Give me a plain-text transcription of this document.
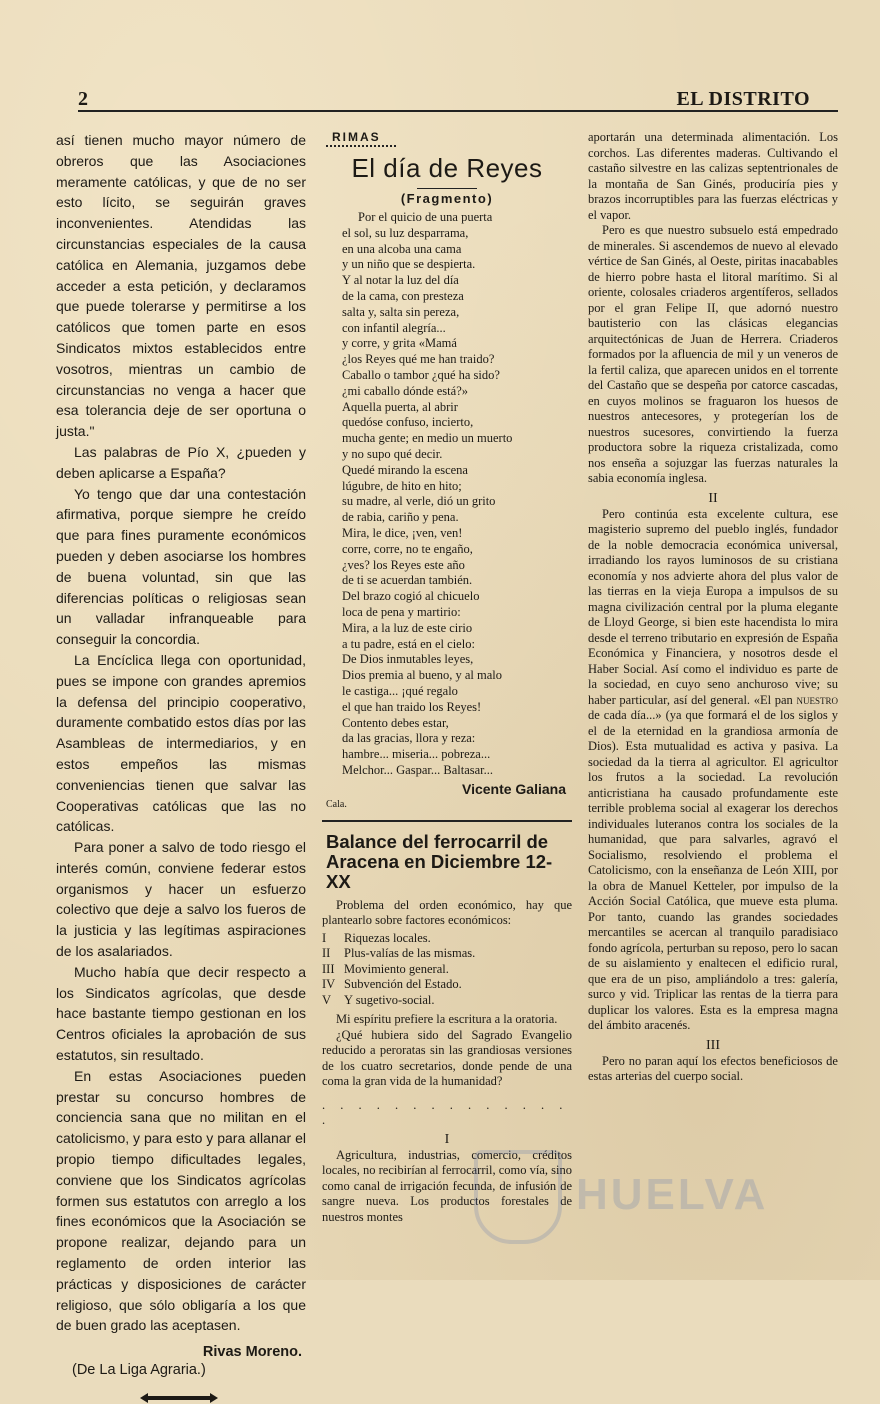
2	EL DISTRITO

así tienen mucho mayor número de obreros que las Asociaciones meramente católicas, y que de no ser esto lícito, se seguirán graves inconvenientes. Atendidas las circunstancias especiales de la causa católica en Alemania, juzgamos debe acceder a esta petición, y declaramos que puede tolerarse y permitirse a los católicos que tomen parte en esos Sindicatos mixtos establecidos entre vosotros, mientras un cambio de circunstancias no venga a hacer que esa tolerancia deje de ser oportuna o justa."

Las palabras de Pío X, ¿pueden y deben aplicarse a España?

Yo tengo que dar una contestación afirmativa, porque siempre he creído que para fines puramente económicos pueden y deben asociarse los hombres de buena voluntad, sin que las diferencias políticas o religiosas sean un valladar infranqueable para conseguir la concordia.

La Encíclica llega con oportunidad, pues se impone con grandes apremios la defensa del principio cooperativo, duramente combatido estos días por las Asambleas de intermediarios, y en estos empeños las mismas conveniencias tienen que salvar las Cooperativas católicas que las no católicas.

Para poner a salvo de todo riesgo el interés común, conviene federar estos organismos y hacer un esfuerzo colectivo que deje a salvo los fueros de la justicia y las legítimas aspiraciones de los asalariados.

Mucho había que decir respecto a los Sindicatos agrícolas, que desde hace bastante tiempo gestionan en los Centros oficiales la aprobación de sus estatutos, sin resultado.

En estas Asociaciones pueden prestar su concurso hombres de conciencia sana que no militan en el catolicismo, y para esto y para allanar el propio tiempo dificultades legales, conviene que los Sindicatos agrícolas formen sus estatutos con arreglo a los fines económicos que la Asociación se propone realizar, dejando para un reglamento de orden interior las prácticas y disposiciones de carácter religioso, que sólo obligaría a los que de buen grado las aceptasen.

Rivas Moreno.
(De La Liga Agraria.)
RIMAS
El día de Reyes
(Fragmento)
Por el quicio de una puerta
el sol, su luz desparrama,
en una alcoba una cama
y un niño que se despierta.
Y al notar la luz del día
de la cama, con presteza
salta y, salta sin pereza,
con infantil alegría...
y corre, y grita «Mamá
¿los Reyes qué me han traido?
Caballo o tambor ¿qué ha sido?
¿mi caballo dónde está?»
Aquella puerta, al abrir
quedóse confuso, incierto,
mucha gente; en medio un muerto
y no supo qué decir.
Quedé mirando la escena
lúgubre, de hito en hito;
su madre, al verle, dió un grito
de rabia, cariño y pena.
Mira, le dice, ¡ven, ven!
corre, corre, no te engaño,
¿ves? los Reyes este año
de ti se acuerdan también.
Del brazo cogió al chicuelo
loca de pena y martirio:
Mira, a la luz de este cirio
a tu padre, está en el cielo:
De Dios inmutables leyes,
Dios premia al bueno, y al malo
le castiga... ¡qué regalo
el que han traido los Reyes!
Contento debes estar,
da las gracias, llora y reza:
hambre... miseria... pobreza...
Melchor... Gaspar... Baltasar...
Vicente Galiana
Cala.
Balance del ferrocarril de Aracena en Diciembre 12-XX

Problema del orden económico, hay que plantearlo sobre factores económicos:

I Riquezas locales.
II Plus-valías de las mismas.
III Movimiento general.
IV Subvención del Estado.
V Y sugetivo-social.

Mi espíritu prefiere la escritura a la oratoria.

¿Qué hubiera sido del Sagrado Evangelio reducido a peroratas sin las grandiosas versiones de los cuatro secretarios, donde pende de una coma la gran vida de la humanidad?

. . . . . . . . . . . . . . .
I

Agricultura, industrias, comercio, créditos locales, no recibirían al ferrocarril, como vía, sino como canal de irrigación fecunda, de infusión de sangre nueva. Los productos forestales de nuestros montes

aportarán una determinada alimentación. Los corchos. Las diferentes maderas. Cultivando el castaño silvestre en las calizas septentrionales de la montaña de San Ginés, produciría pies y brazos incorruptibles para las fuerzas eléctricas y el vapor.

Pero es que nuestro subsuelo está empedrado de minerales. Si ascendemos de nuevo al elevado vértice de San Ginés, al Oeste, piritas inacabables de hierro pobre hasta el litoral marítimo. Si al oriente, colosales criaderos argentíferos, sellados por el gran Felipe II, que adornó nuestro bautisterio con las clásicas elegancias arquitectónicas de Juan de Herrera. Criaderos formados por la afluencia de mil y un veneros de la fertil caliza, que aparecen unidos en el torrente del Castaño que se despeña por catorce cascadas, en cuyos molinos se fraguaron los huesos de nuestros antecesores, y protegerían los de nuestros sucesores, convirtiendo la fuerza productora sobre la riqueza cristalizada, como nos enseña a sojuzgar las fuerzas naturales la sabia economía inglesa.

II

Pero continúa esta excelente cultura, ese magisterio supremo del pueblo inglés, fundador de la noble democracia económica universal, irradiando los rayos luminosos de su cristiana economía y nos advierte ahora del plus valor de las tierras en la vieja Europa a impulsos de su magna civilización central por la pluma elegante de Lloyd George, si bien este hacendista lo mira desde el terreno tributario en expresión de España Económica y Financiera, y nosotros desde el Haber Social. Así como el individuo es parte de la sociedad, en cuyo seno anchuroso vive; su haber particular, así del general. «El pan nuestro de cada día...» (ya que formará el de los siglos y el de la eternidad en la grandiosa armonía de Dios). Esta mutualidad es activa y pasiva. La sociedad da la tierra al agricultor. El agricultor los frutos a la sociedad. La revolución anticristiana ha causado profundamente este terrible problema social al exagerar los derechos individuales luteranos contra los sociales de la humanidad, que para salvarles, agravó el Socialismo, resolviendo el problema el Catolicismo, con la enseñanza de León XIII, por la obra de Manuel Ketteler, por impulso de la Acción Social Católica, que mueve esta pluma. Por tanto, cuando las grandes sociedades mercantiles se acercan al tranquilo paradisiaco fondo agrícola, perturban su reposo, pero lo sacan de su aislamiento y enaltecen el edificio rural, que era de un piso, ampliándolo a tres: galería, surco y vid. Triplicar las rentas de la tierra para duplicar los valores. Esta es la empresa magna del ámbito aracenés.

III

Pero no paran aquí los efectos beneficiosos de estas arterias del cuerpo social.

HUELVA
